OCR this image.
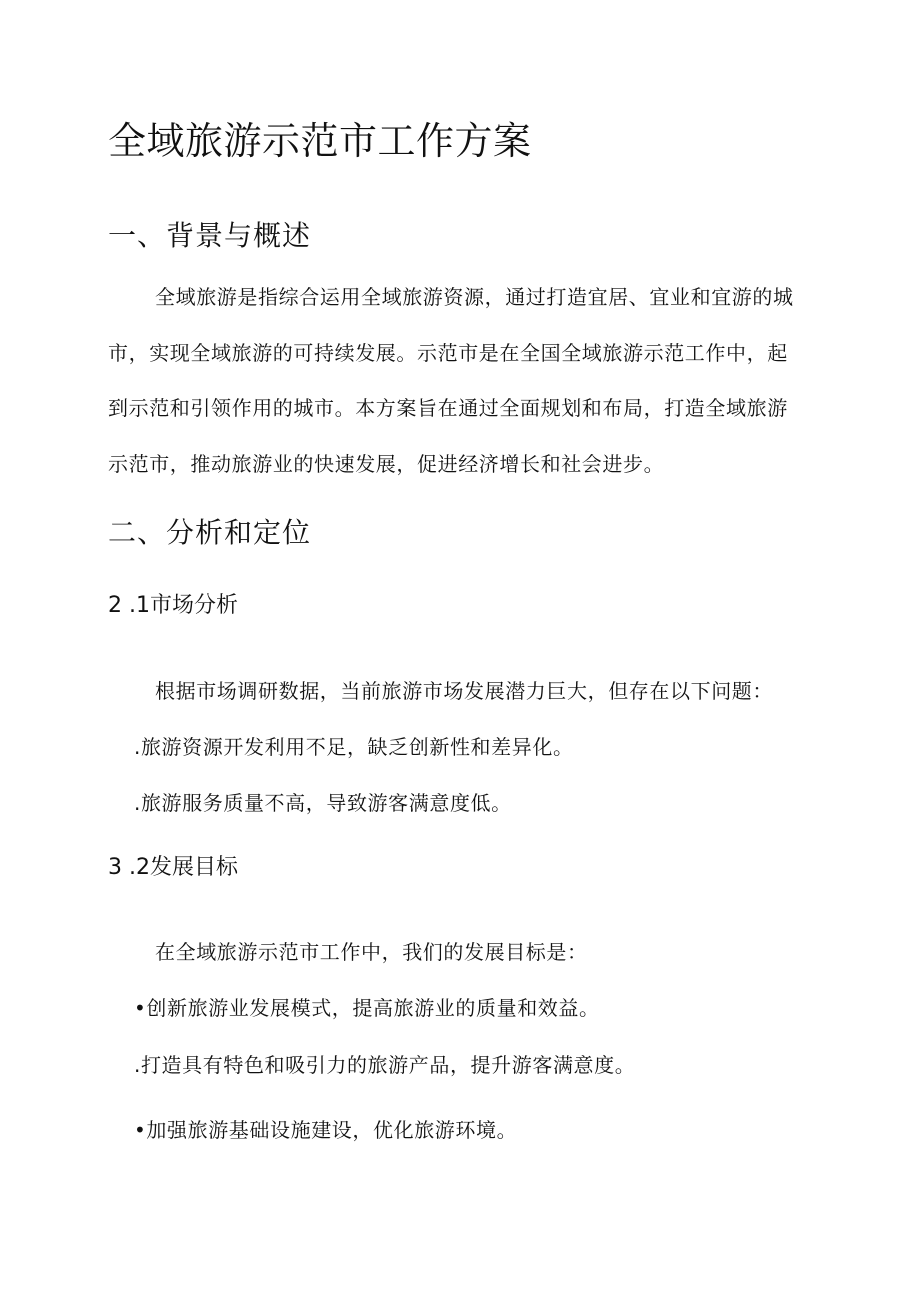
全域旅游示范市工作方案
一、背景与概述
全域旅游是指综合运用全域旅游资源，通过打造宜居、宜业和宜游的城
市，实现全域旅游的可持续发展。示范市是在全国全域旅游示范工作中，起
到示范和引领作用的城市。本方案旨在通过全面规划和布局，打造全域旅游
示范市，推动旅游业的快速发展，促进经济增长和社会进步。
二、分析和定位
2 .1市场分析
根据市场调研数据，当前旅游市场发展潜力巨大，但存在以下问题：
.旅游资源开发利用不足，缺乏创新性和差异化。
.旅游服务质量不高，导致游客满意度低。
3 .2发展目标
在全域旅游示范市工作中，我们的发展目标是：
•创新旅游业发展模式，提高旅游业的质量和效益。
.打造具有特色和吸引力的旅游产品，提升游客满意度。
•加强旅游基础设施建设，优化旅游环境。
